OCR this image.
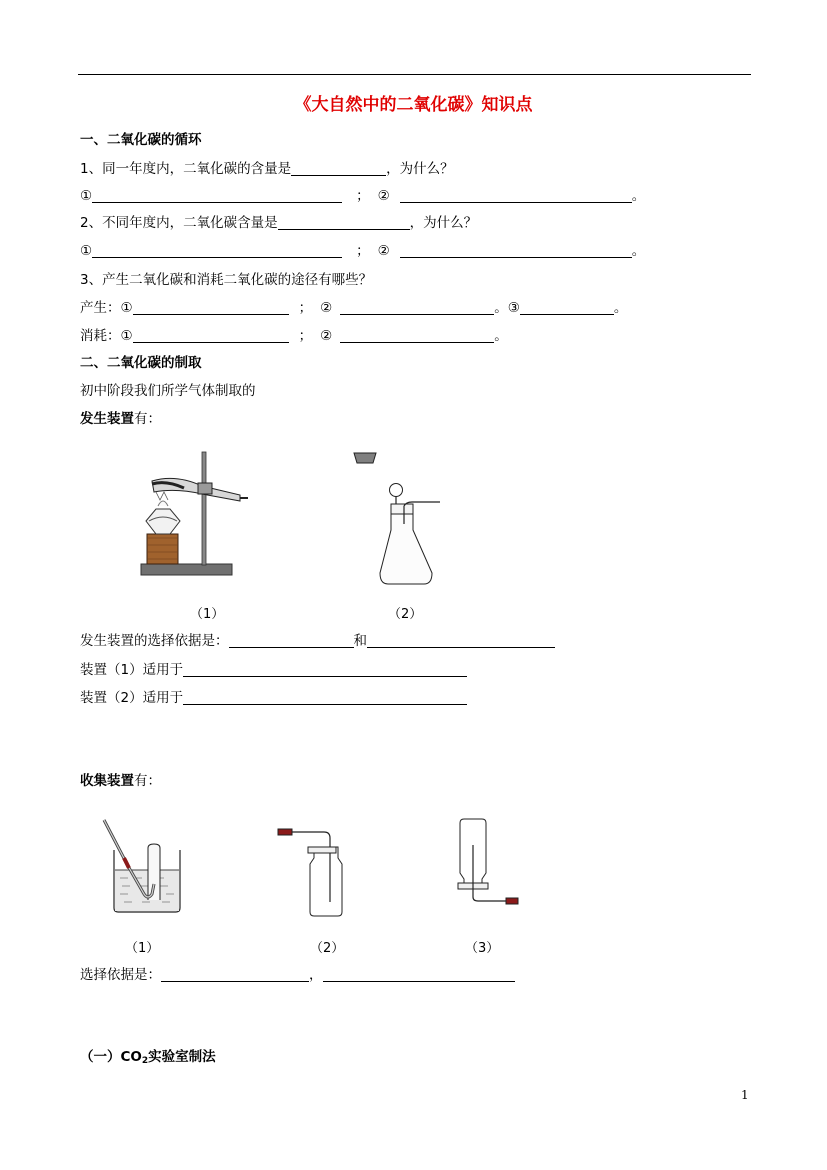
《大自然中的二氧化碳》知识点
一、二氧化碳的循环
1、同一年度内，二氧化碳的含量是	，为什么？
①	； ②	。
2、不同年度内，二氧化碳含量是	，为什么？
①	； ②	。
3、产生二氧化碳和消耗二氧化碳的途径有哪些？
产生：①	； ②	。③	。
消耗：①	； ②	。
二、二氧化碳的制取
初中阶段我们所学气体制取的
发生装置有：
（1）	（2）
发生装置的选择依据是：	和
装置（1）适用于
装置（2）适用于
收集装置有：
（1）	（2）	（3）
选择依据是：	，
（一）$CO_2$实验室制法
1
